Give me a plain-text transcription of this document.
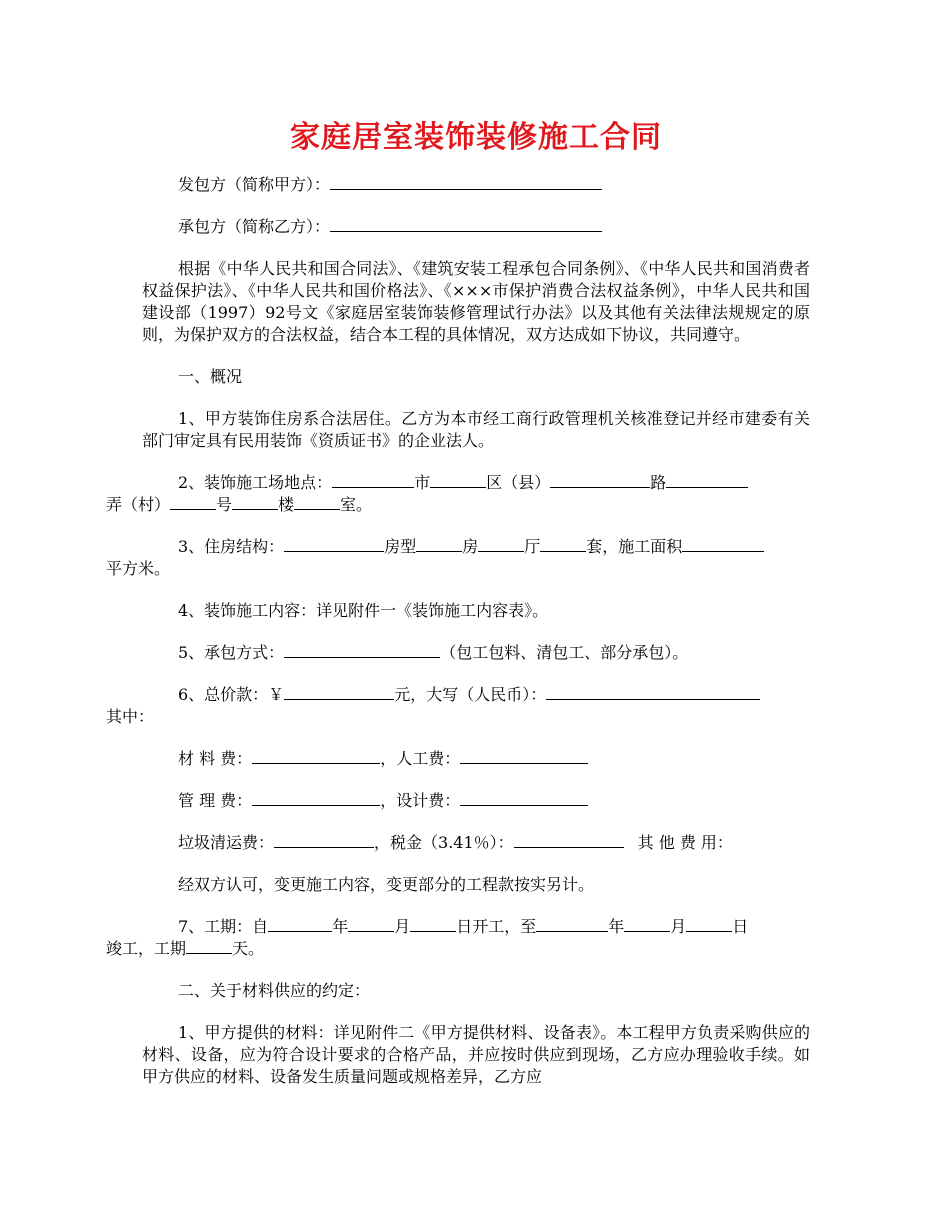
家庭居室装饰装修施工合同

发包方（简称甲方）：

承包方（简称乙方）：

根据《中华人民共和国合同法》、《建筑安装工程承包合同条例》、《中华人民共和国消费者权益保护法》、《中华人民共和国价格法》、《×××市保护消费合法权益条例》，中华人民共和国建设部（1997）92号文《家庭居室装饰装修管理试行办法》以及其他有关法律法规规定的原则，为保护双方的合法权益，结合本工程的具体情况，双方达成如下协议，共同遵守。

一、概况

1、甲方装饰住房系合法居住。乙方为本市经工商行政管理机关核准登记并经市建委有关部门审定具有民用装饰《资质证书》的企业法人。

2、装饰施工场地点：	市	区（县）	路
弄（村）	号	楼	室。

3、住房结构：	房型	房	厅	套，施工面积
平方米。

4、装饰施工内容：详见附件一《装饰施工内容表》。

5、承包方式：	（包工包料、清包工、部分承包）。

6、总价款：￥	元，大写（人民币）：
其中：

材 料 费：	，人工费：

管 理 费：	，设计费：

垃圾清运费：	，税金（3.41％）：	其 他 费 用：

经双方认可，变更施工内容，变更部分的工程款按实另计。

7、工期：自	年	月	日开工，至	年	月	日
竣工，工期	天。

二、关于材料供应的约定：

1、甲方提供的材料：详见附件二《甲方提供材料、设备表》。本工程甲方负责采购供应的材料、设备，应为符合设计要求的合格产品，并应按时供应到现场，乙方应办理验收手续。如甲方供应的材料、设备发生质量问题或规格差异，乙方应
